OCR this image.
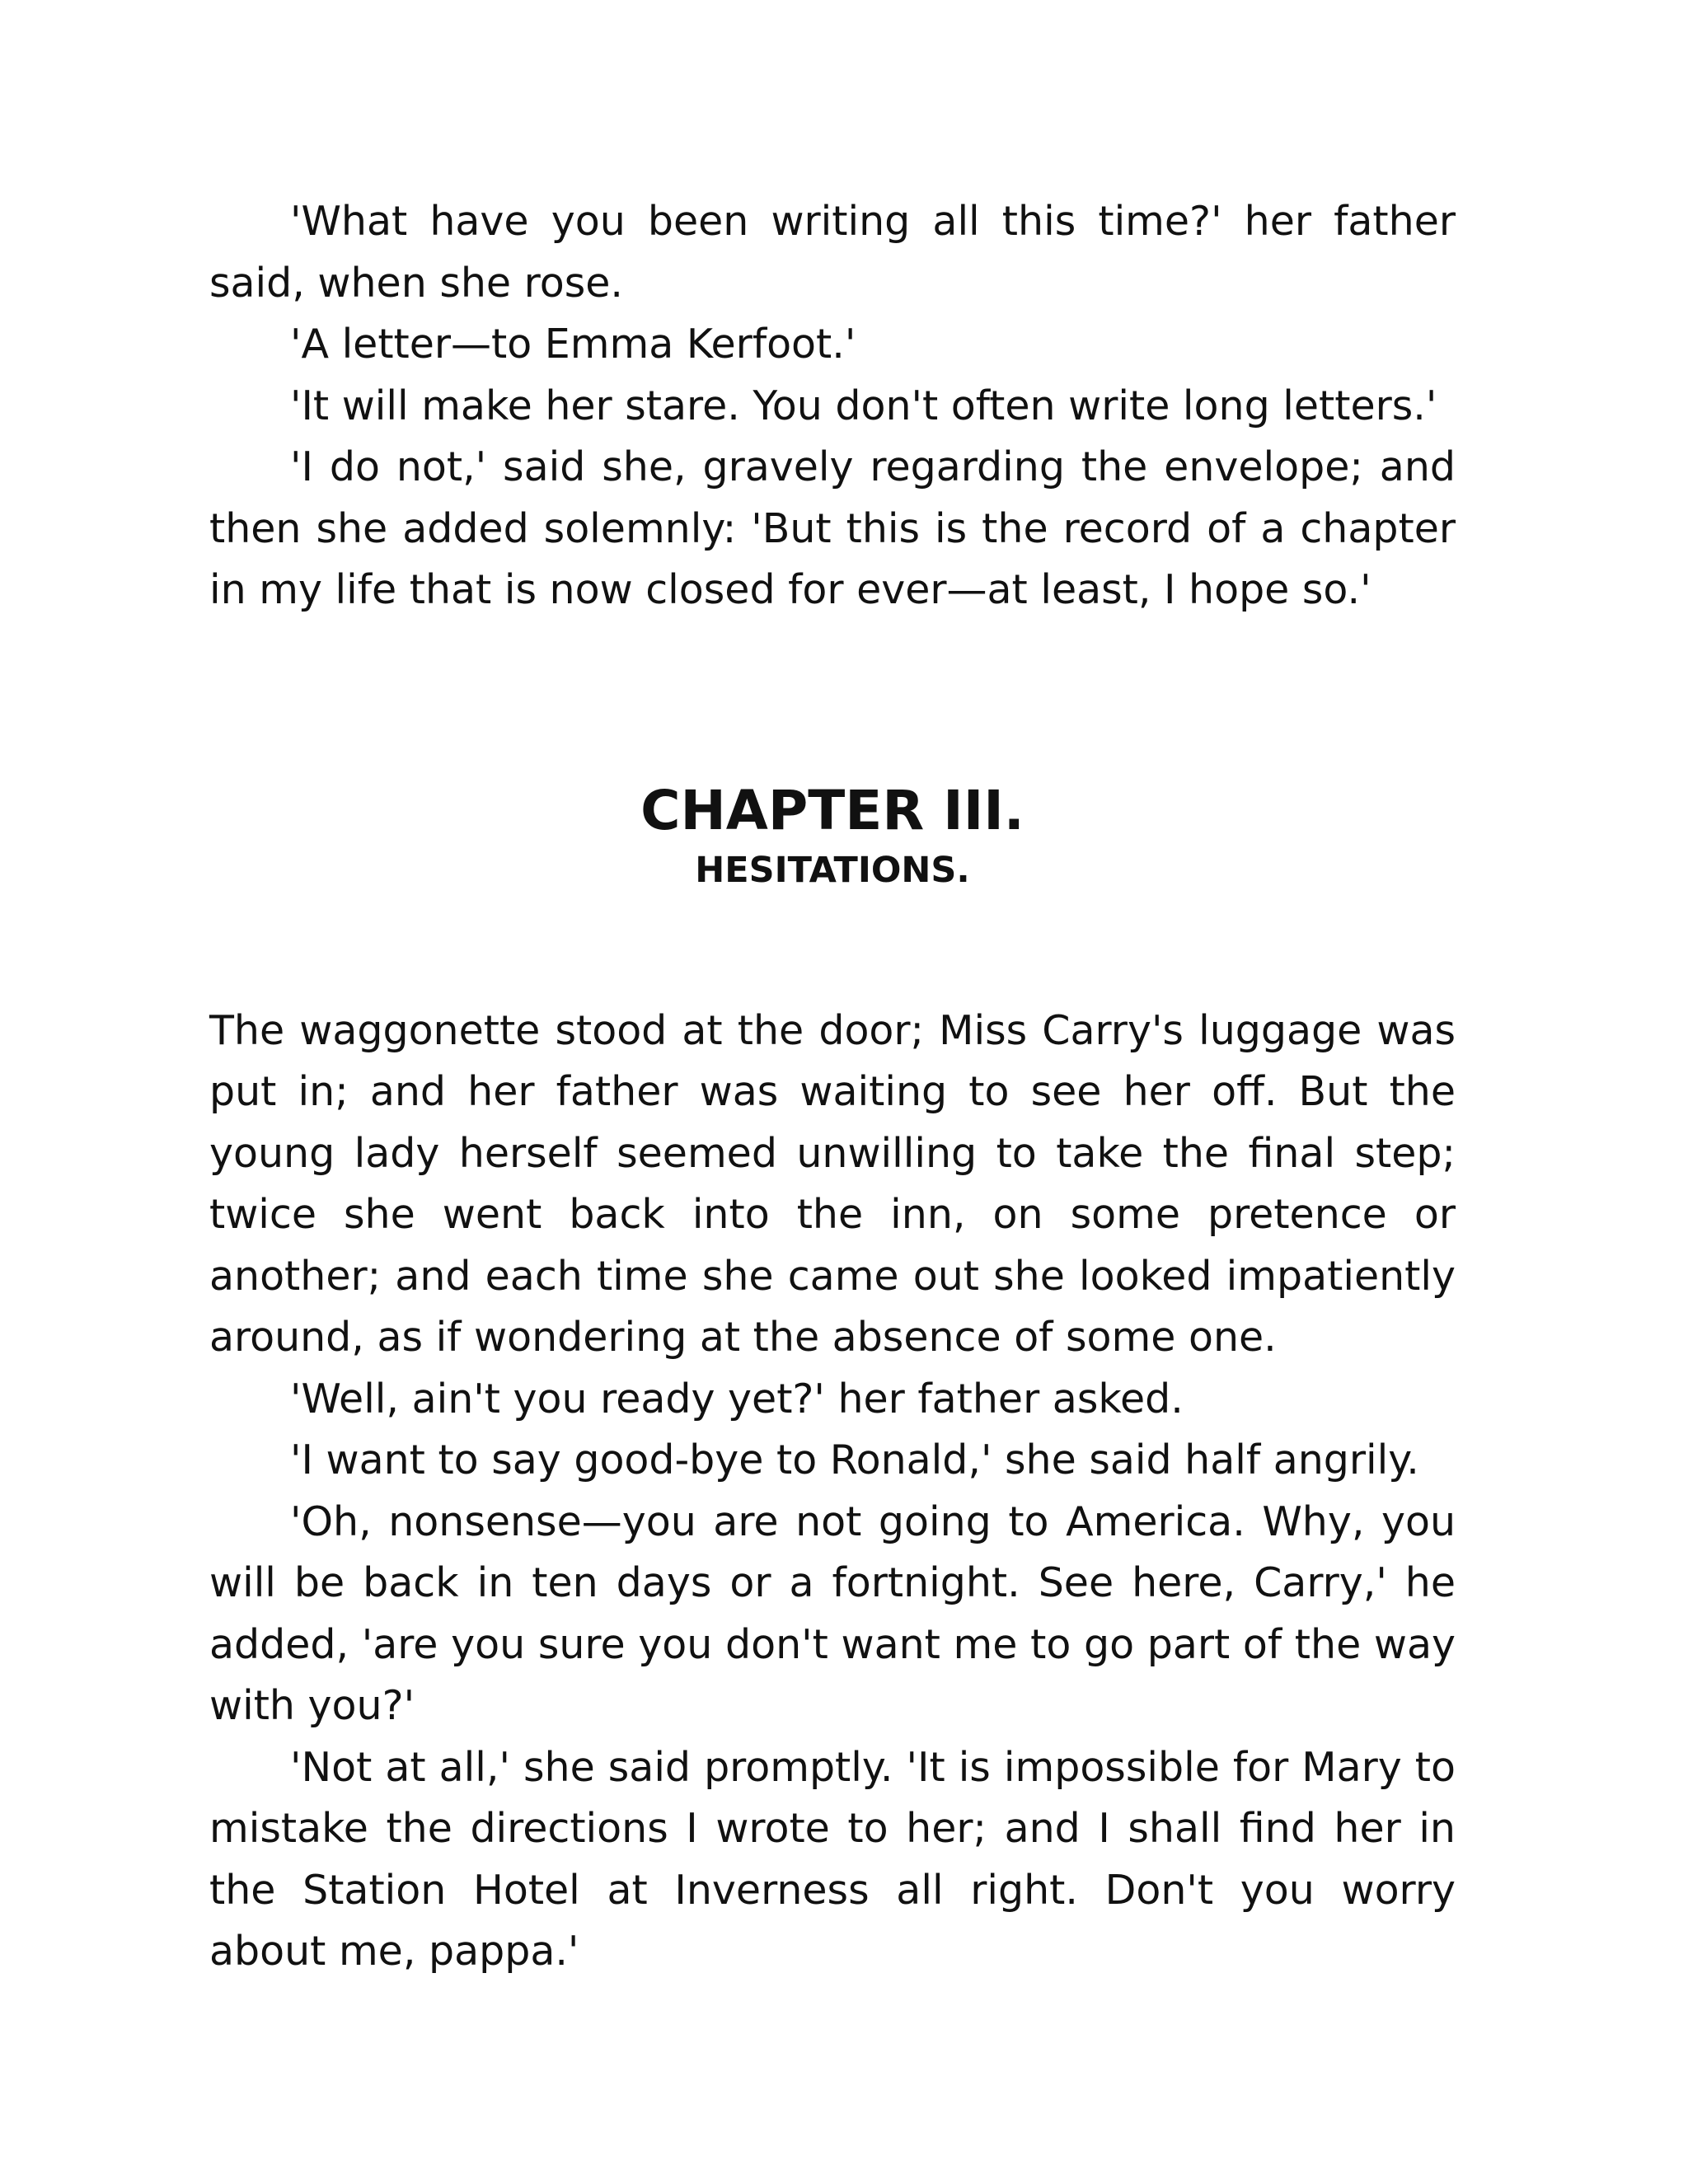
'What have you been writing all this time?' her father said, when she rose.

'A letter—to Emma Kerfoot.'

'It will make her stare. You don't often write long letters.'

'I do not,' said she, gravely regarding the envelope; and then she added solemnly: 'But this is the record of a chapter in my life that is now closed for ever—at least, I hope so.'

CHAPTER III.
HESITATIONS.

The waggonette stood at the door; Miss Carry's luggage was put in; and her father was waiting to see her off. But the young lady herself seemed unwilling to take the final step; twice she went back into the inn, on some pretence or another; and each time she came out she looked impatiently around, as if wondering at the absence of some one.

'Well, ain't you ready yet?' her father asked.

'I want to say good-bye to Ronald,' she said half angrily.

'Oh, nonsense—you are not going to America. Why, you will be back in ten days or a fortnight. See here, Carry,' he added, 'are you sure you don't want me to go part of the way with you?'

'Not at all,' she said promptly. 'It is impossible for Mary to mistake the directions I wrote to her; and I shall find her in the Station Hotel at Inverness all right. Don't you worry about me, pappa.'
